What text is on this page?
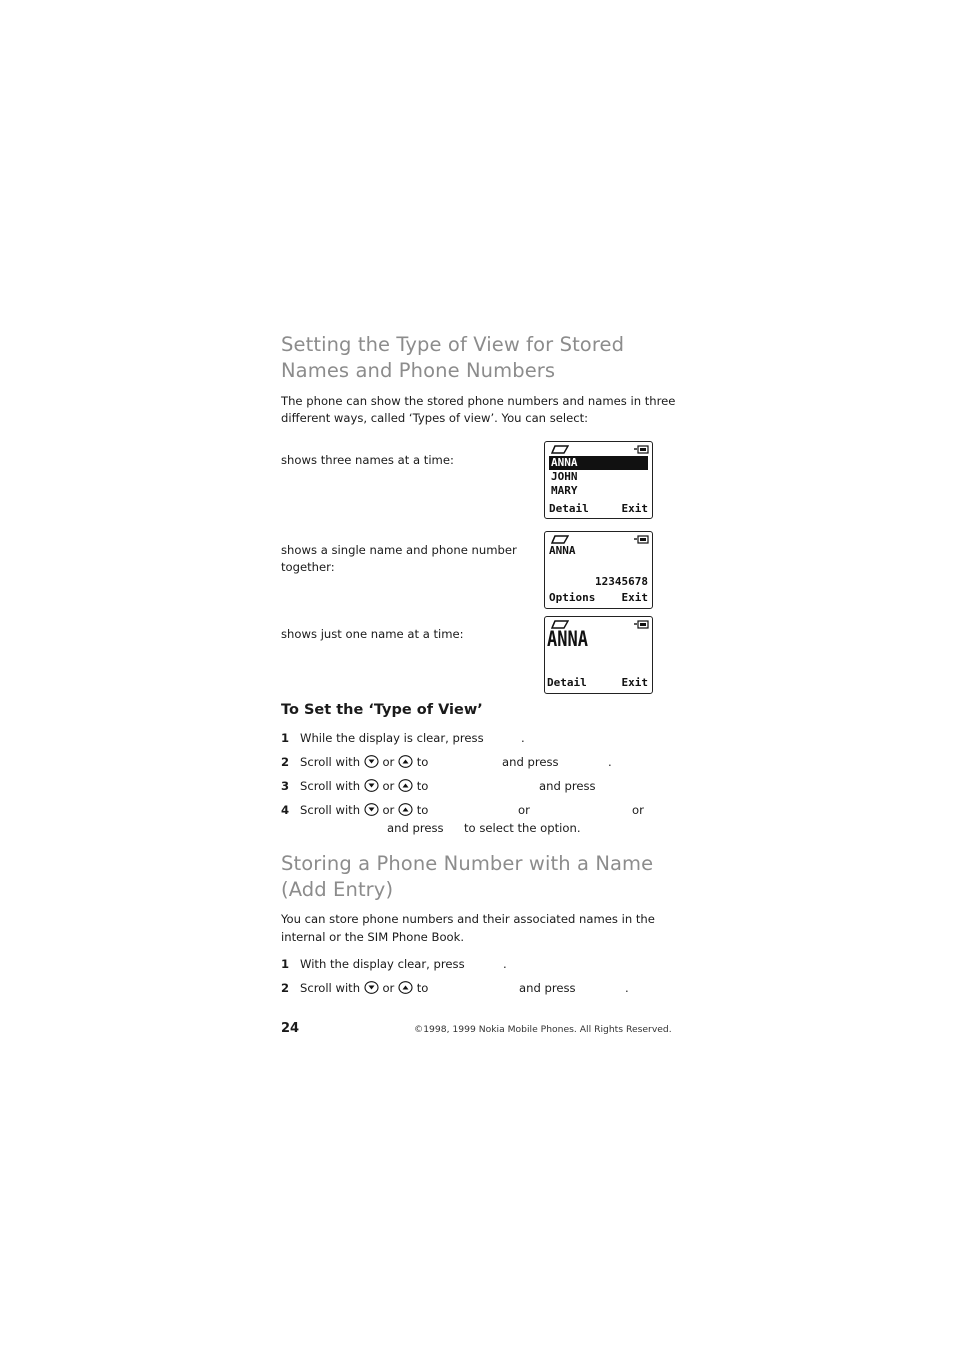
Setting the Type of View for Stored
Names and Phone Numbers
The phone can show the stored phone numbers and names in three
different ways, called ‘Types of view’. You can select:
shows three names at a time:
shows a single name and phone number
together:
shows just one name at a time:
ANNA
JOHN
MARY
Detail	Exit
ANNA
12345678
Options Exit
ANNA
Detail	Exit
To Set the ‘Type of View’
1 While the display is clear, press	.
2 Scroll with or to	and press	.
3 Scroll with or to	and press
4 Scroll with or to	or	or
and press to select the option.
Storing a Phone Number with a Name
(Add Entry)
You can store phone numbers and their associated names in the
internal or the SIM Phone Book.
1 With the display clear, press	.
2 Scroll with or to	and press	.
24	©1998, 1999 Nokia Mobile Phones. All Rights Reserved.
